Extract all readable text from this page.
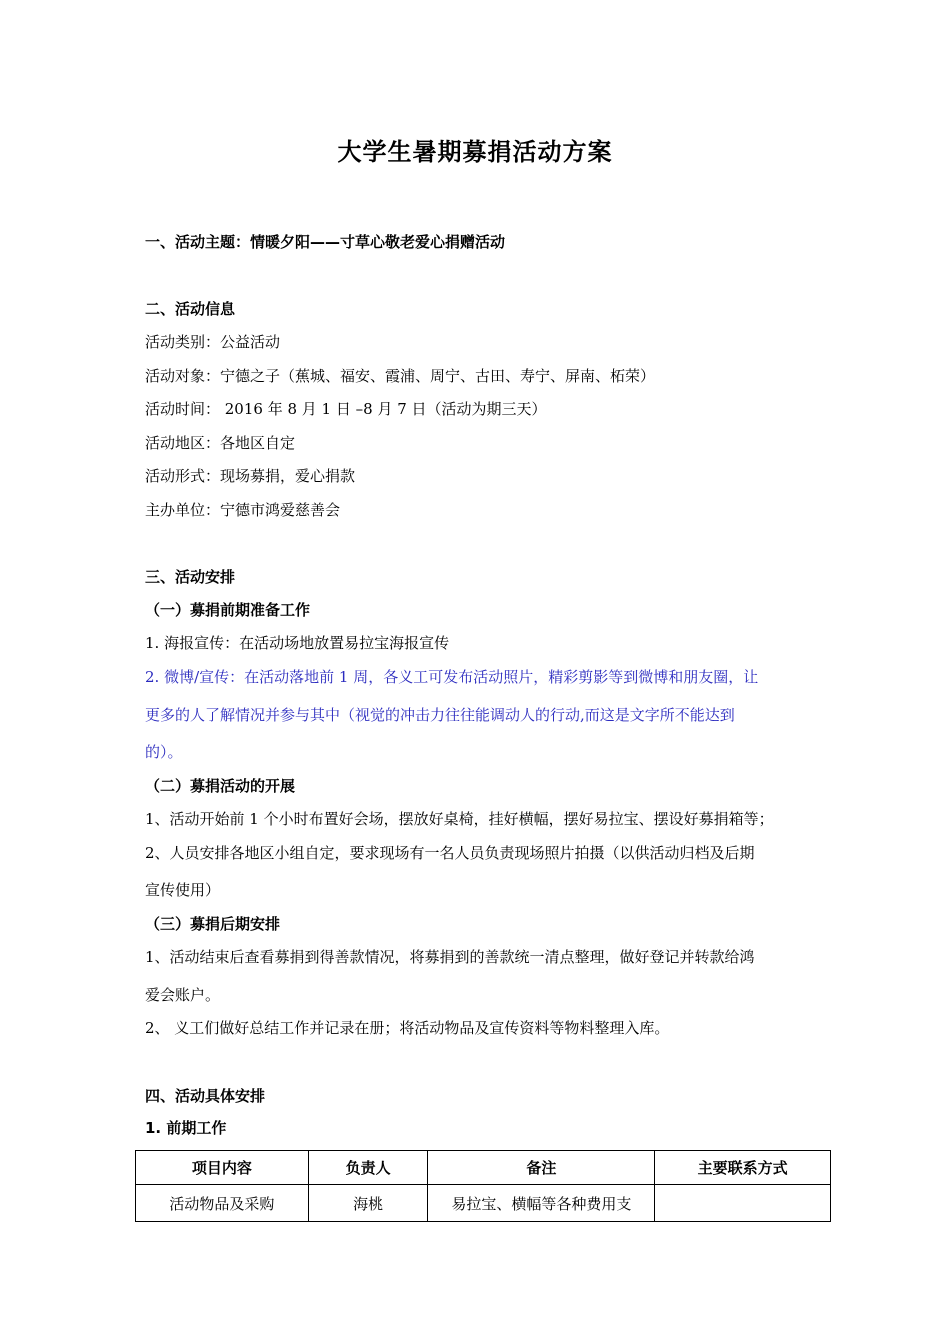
大学生暑期募捐活动方案
一、活动主题：情暖夕阳——寸草心敬老爱心捐赠活动
二、活动信息
活动类别：公益活动
活动对象：宁德之子（蕉城、福安、霞浦、周宁、古田、寿宁、屏南、柘荣）
活动时间： 2016 年 8 月 1 日 –8 月 7 日（活动为期三天）
活动地区：各地区自定
活动形式：现场募捐，爱心捐款
主办单位：宁德市鸿爱慈善会
三、活动安排
（一）募捐前期准备工作
1. 海报宣传：在活动场地放置易拉宝海报宣传
2. 微博/宣传：在活动落地前 1 周，各义工可发布活动照片，精彩剪影等到微博和朋友圈，让
更多的人了解情况并参与其中（视觉的冲击力往往能调动人的行动,而这是文字所不能达到
的）。
（二）募捐活动的开展
1、活动开始前 1 个小时布置好会场，摆放好桌椅，挂好横幅，摆好易拉宝、摆设好募捐箱等；
2、人员安排各地区小组自定，要求现场有一名人员负责现场照片拍摄（以供活动归档及后期
宣传使用）
（三）募捐后期安排
1、活动结束后查看募捐到得善款情况，将募捐到的善款统一清点整理，做好登记并转款给鸿
爱会账户。
2、 义工们做好总结工作并记录在册；将活动物品及宣传资料等物料整理入库。
四、活动具体安排
1. 前期工作
项目内容	负责人	备注	主要联系方式
活动物品及采购	海桃	易拉宝、横幅等各种费用支	
